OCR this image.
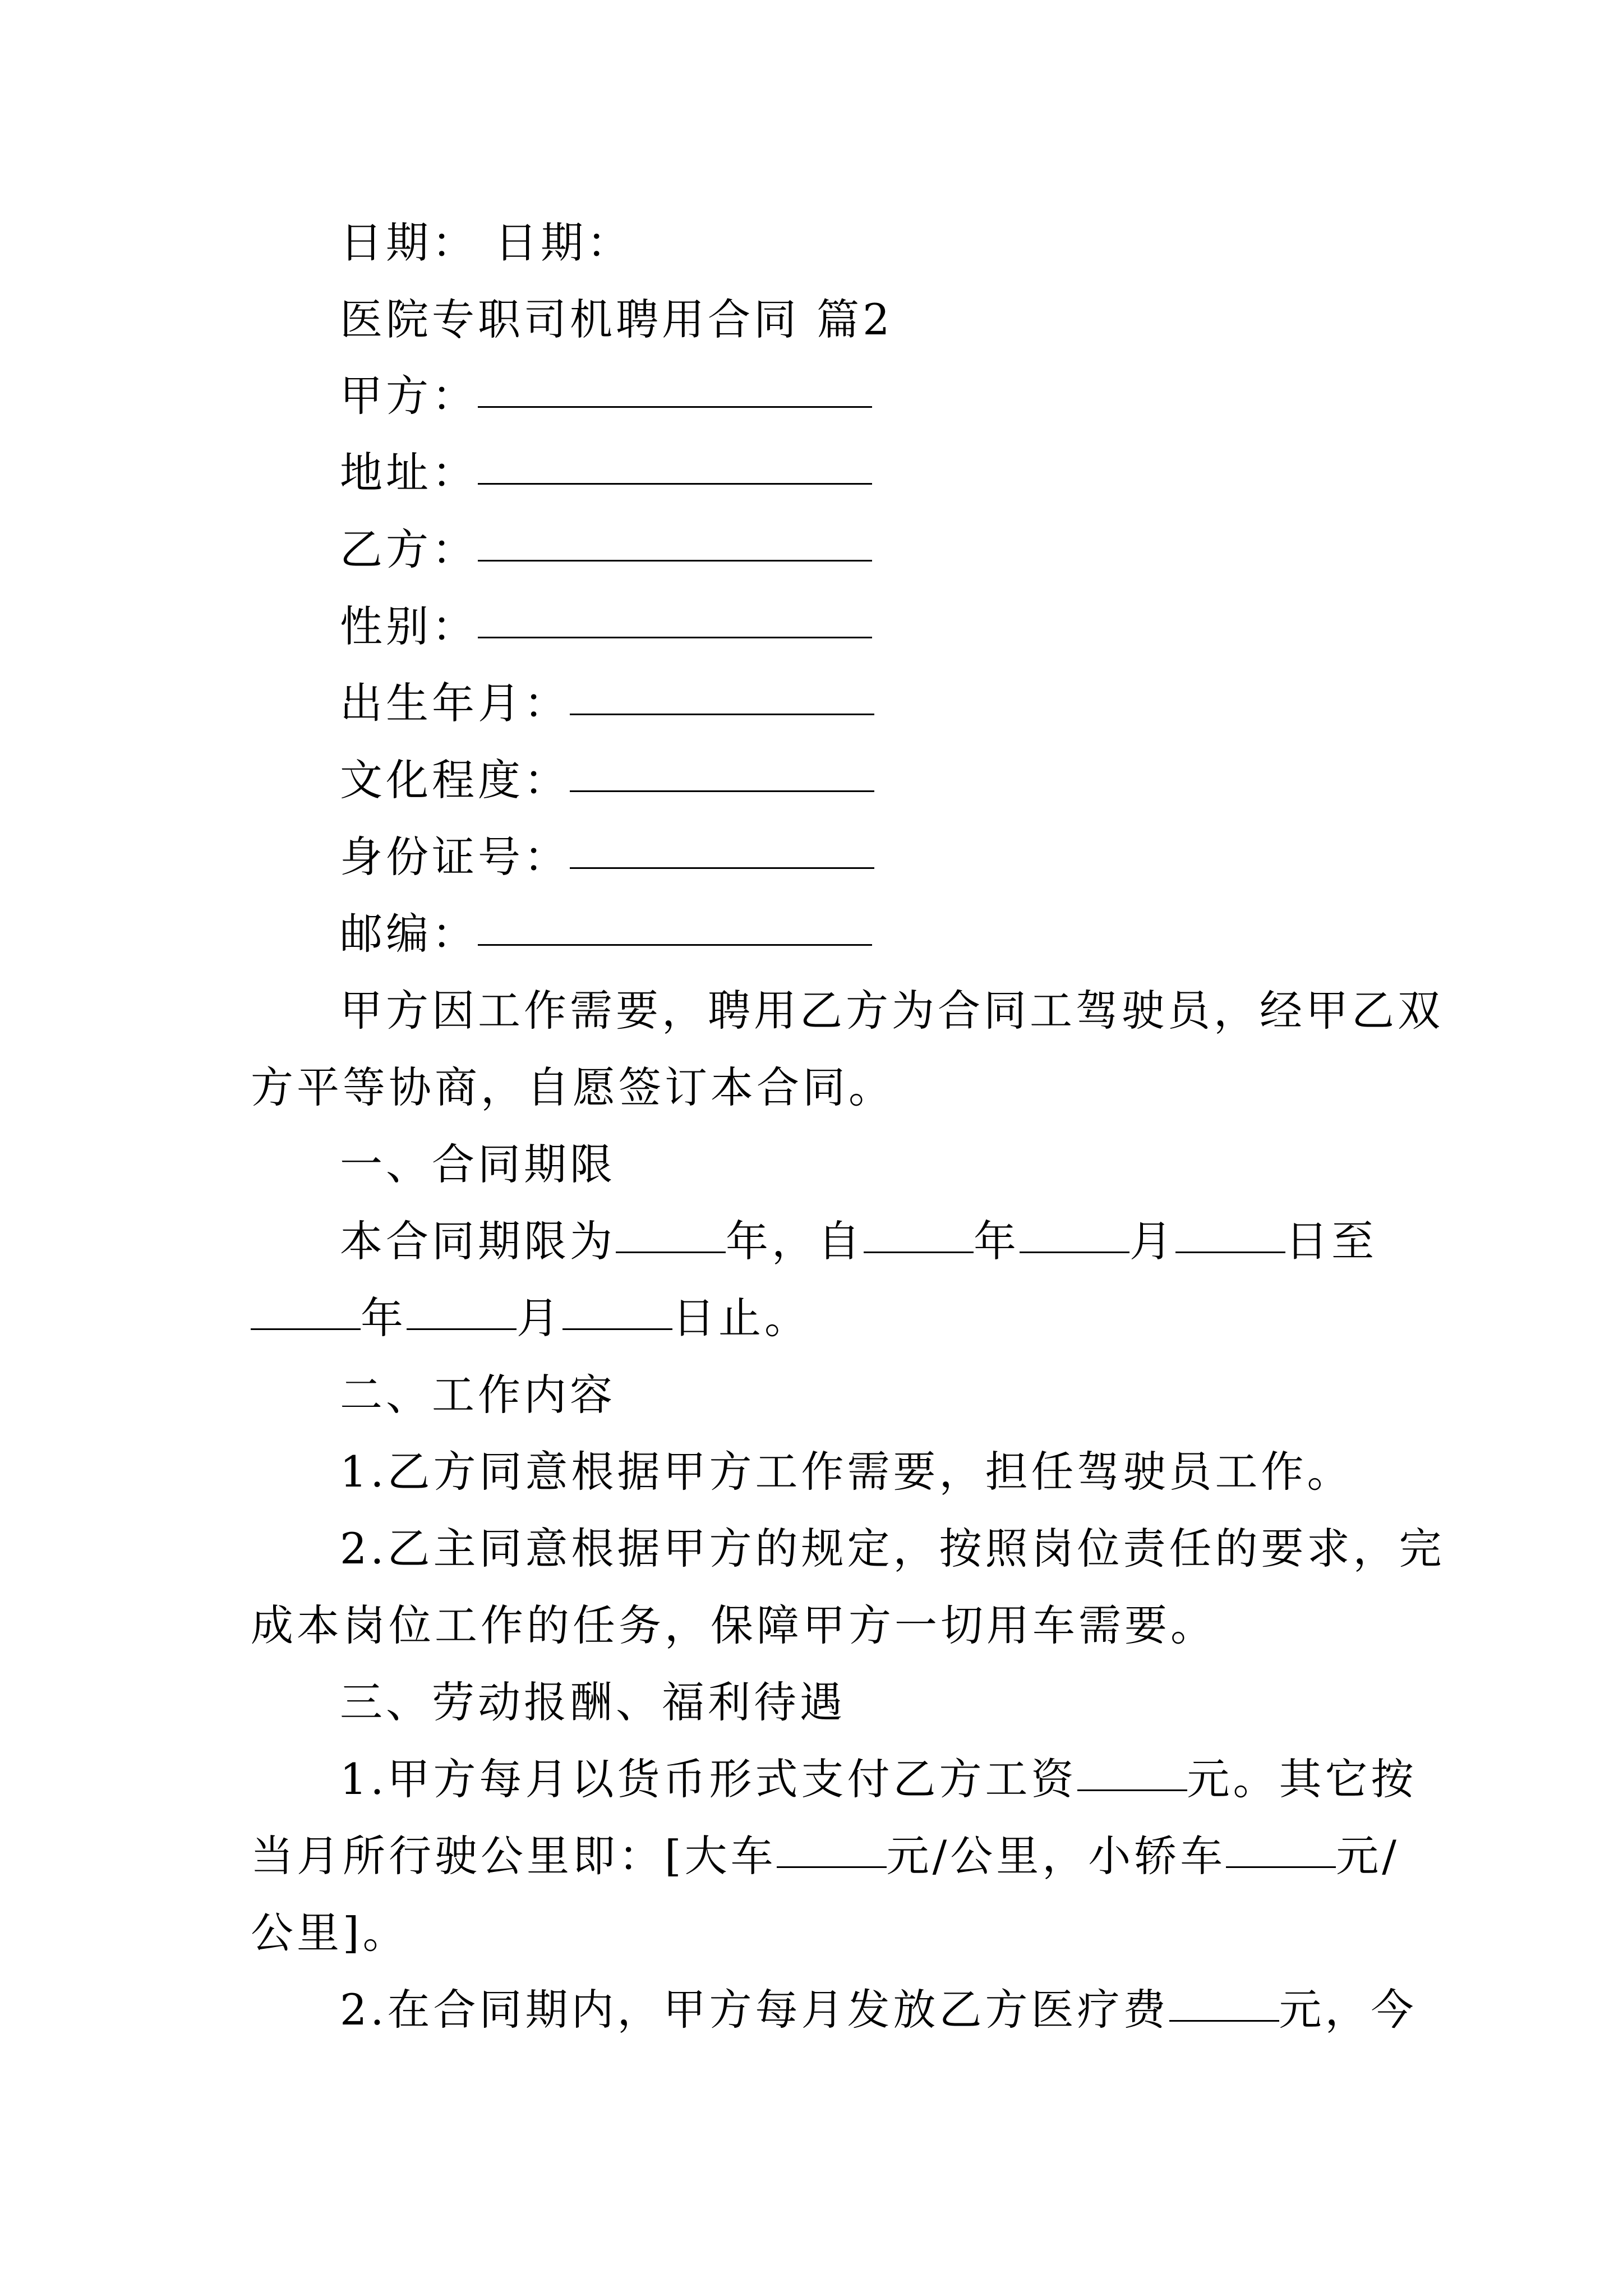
日期： 日期：
医院专职司机聘用合同 篇2
甲方：
地址：
乙方：
性别：
出生年月：
文化程度：
身份证号：
邮编：
甲方因工作需要，聘用乙方为合同工驾驶员，经甲乙双
方平等协商，自愿签订本合同。
一、合同期限
本合同期限为	年，自	年	月	日至
年	月	日止。
二、工作内容
1.乙方同意根据甲方工作需要，担任驾驶员工作。
2.乙主同意根据甲方的规定，按照岗位责任的要求，完
成本岗位工作的任务，保障甲方一切用车需要。
三、劳动报酬、福利待遇
1.甲方每月以货币形式支付乙方工资	元。其它按
当月所行驶公里即：[大车	元/公里，小轿车	元/
公里]。
2.在合同期内，甲方每月发放乙方医疗费	元，今
